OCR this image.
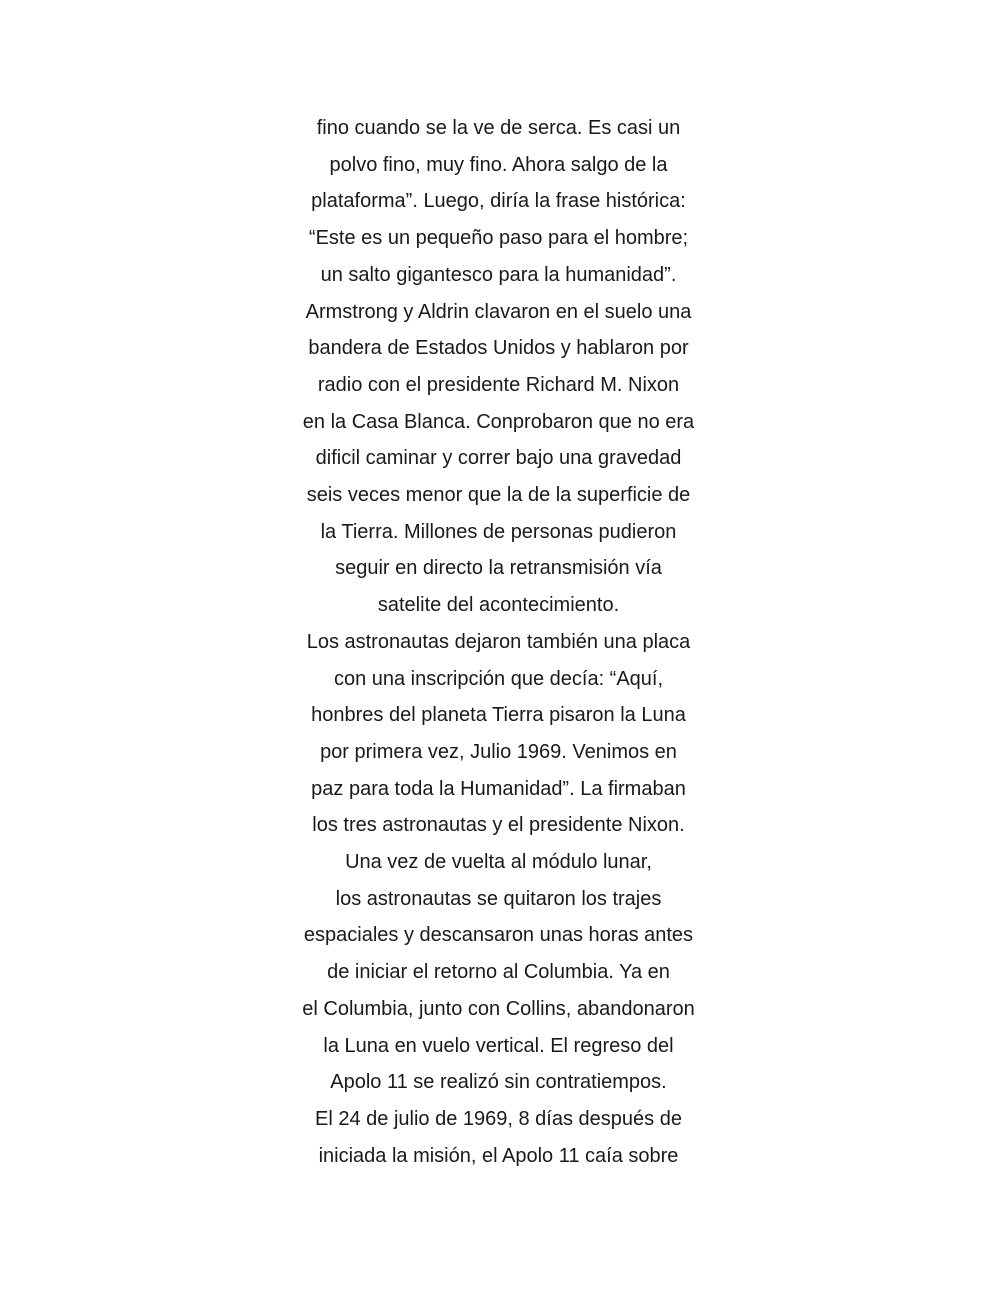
fino cuando se la ve de serca. Es casi un
polvo fino, muy fino. Ahora salgo de la
plataforma”. Luego, diría la frase histórica:
“Este es un pequeño paso para el hombre;
un salto gigantesco para la humanidad”.
Armstrong y Aldrin clavaron en el suelo una
bandera de Estados Unidos y hablaron por
radio con el presidente Richard M. Nixon
en la Casa Blanca. Conprobaron que no era
dificil caminar y correr bajo una gravedad
seis veces menor que la de la superficie de
la Tierra. Millones de personas pudieron
seguir en directo la retransmisión vía
satelite del acontecimiento.
Los astronautas dejaron también una placa
con una inscripción que decía: “Aquí,
honbres del planeta Tierra pisaron la Luna
por primera vez, Julio 1969. Venimos en
paz para toda la Humanidad”. La firmaban
los tres astronautas y el presidente Nixon.
Una vez de vuelta al módulo lunar,
los astronautas se quitaron los trajes
espaciales y descansaron unas horas antes
de iniciar el retorno al Columbia. Ya en
el Columbia, junto con Collins, abandonaron
la Luna en vuelo vertical. El regreso del
Apolo 11 se realizó sin contratiempos.
El 24 de julio de 1969, 8 días después de
iniciada la misión, el Apolo 11 caía sobre
